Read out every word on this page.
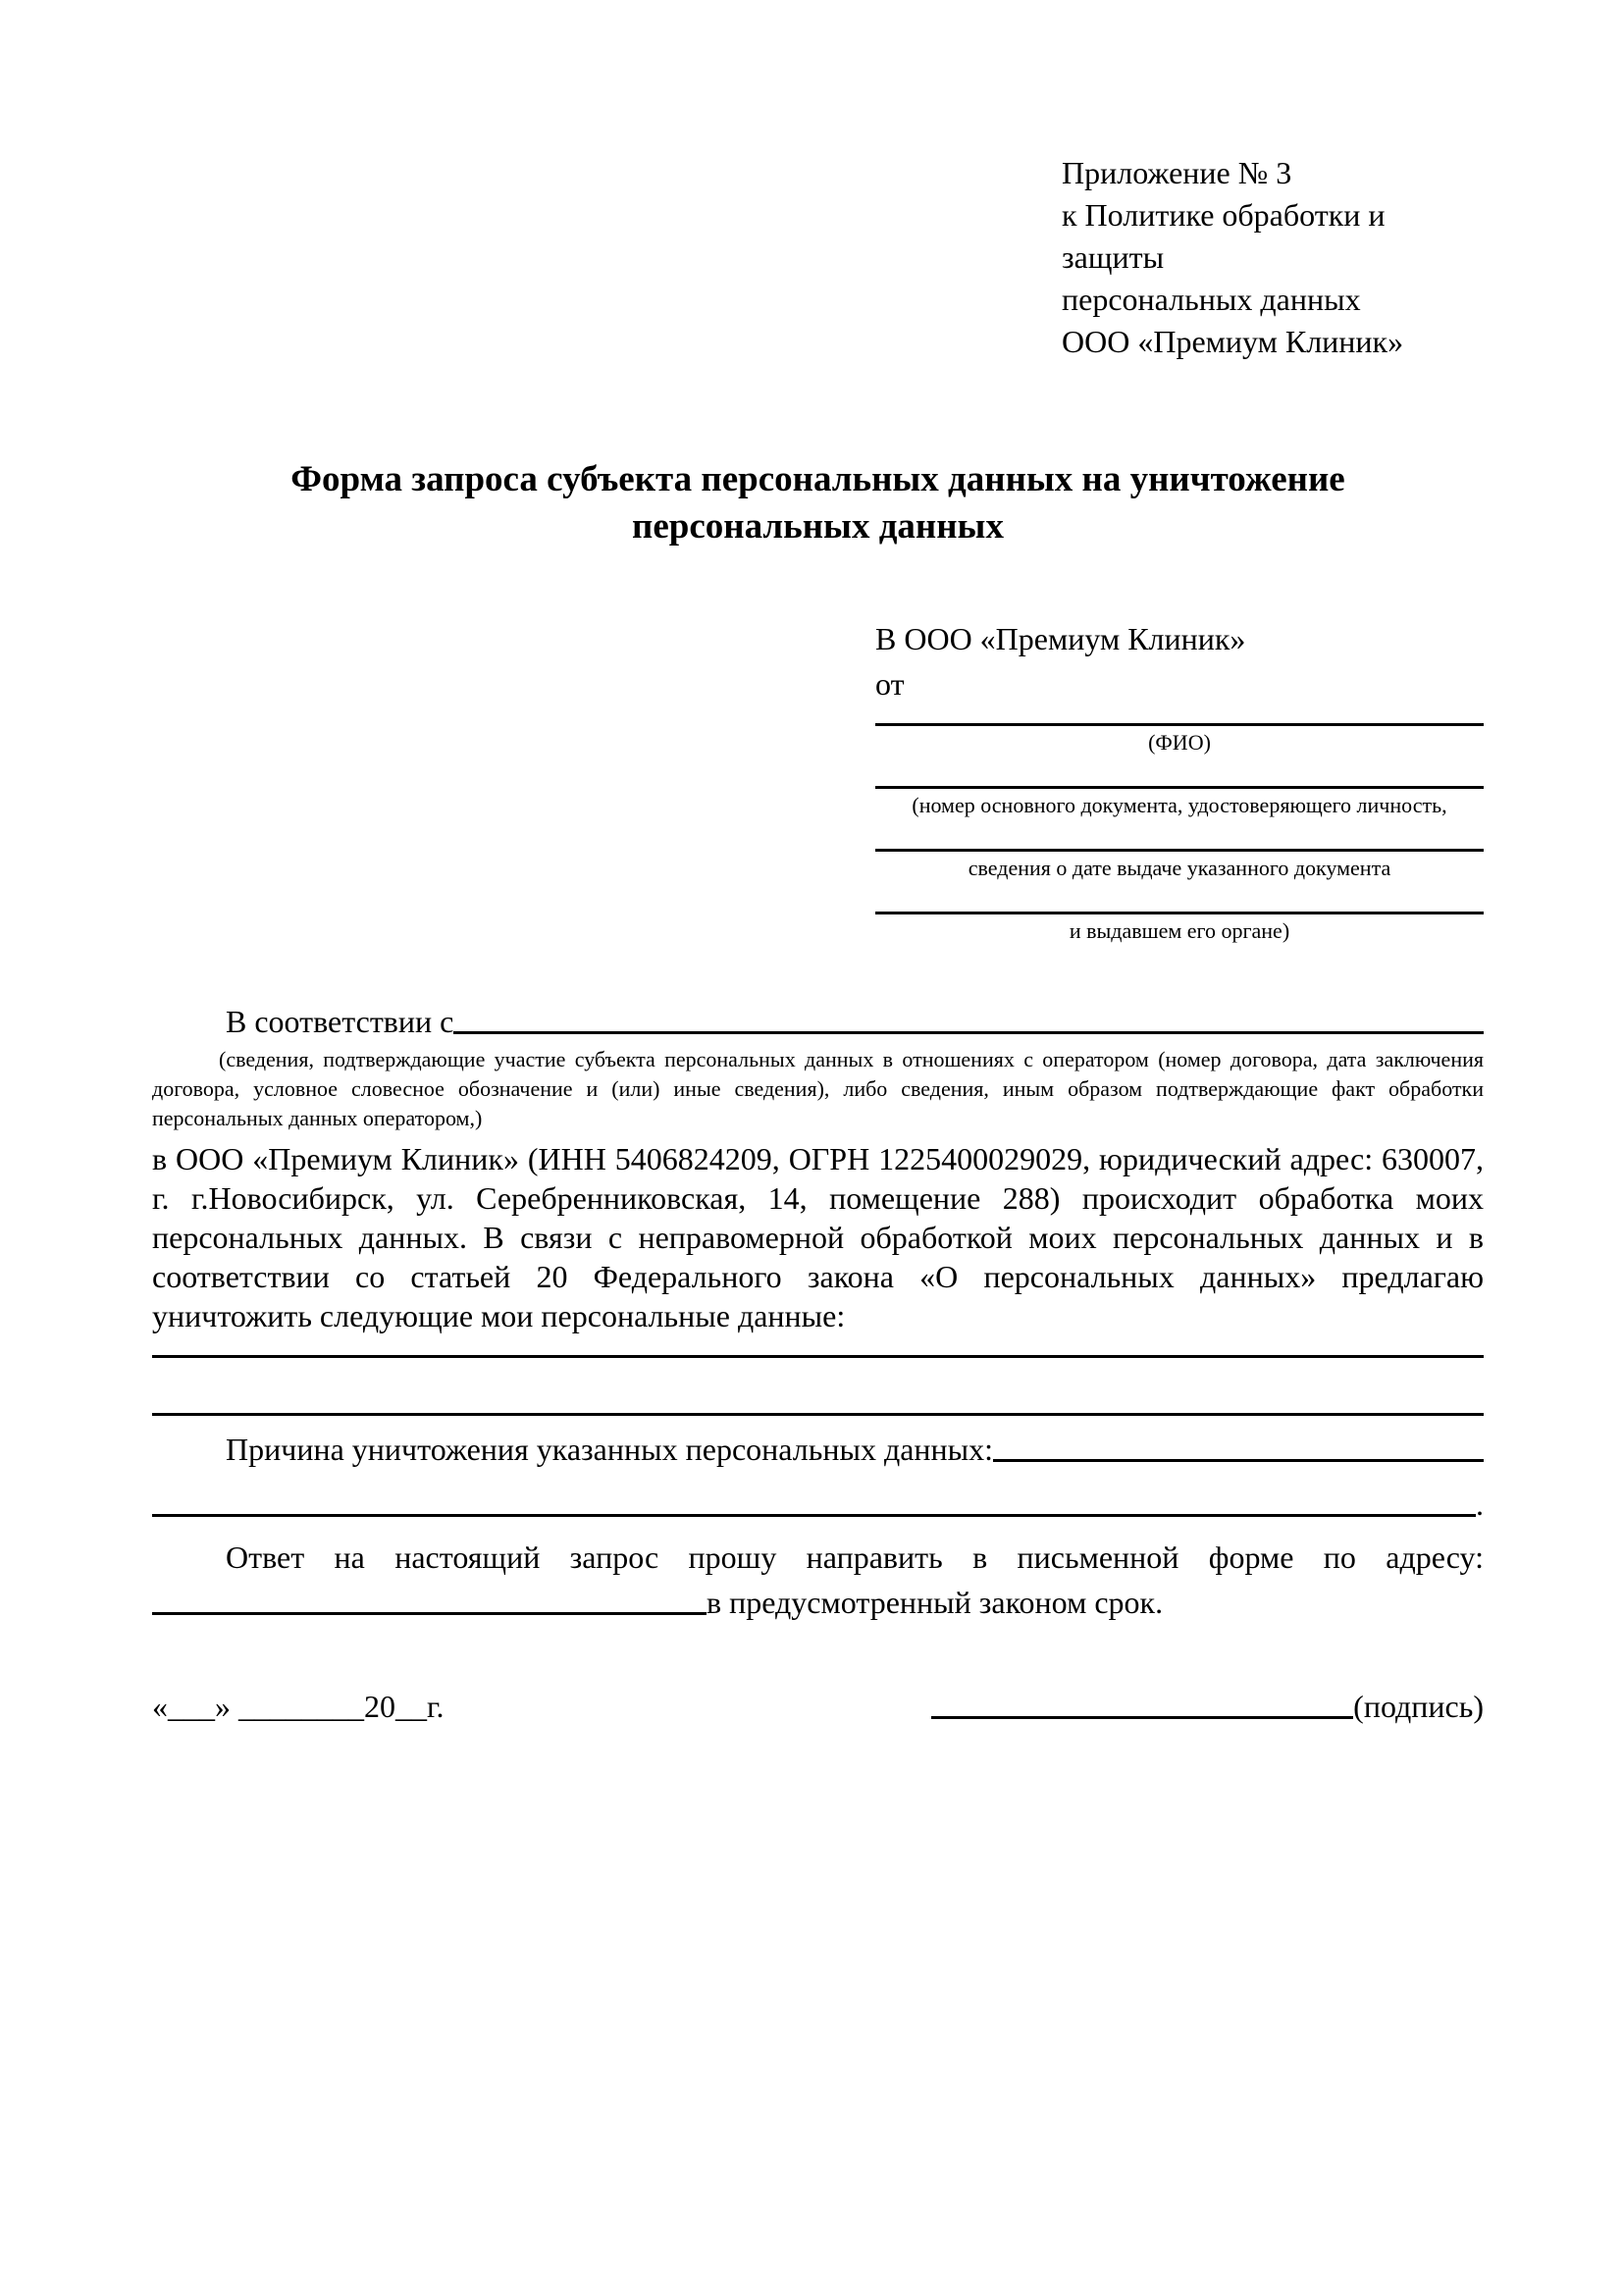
Приложение № 3
к Политике обработки и защиты
персональных данных
ООО «Премиум Клиник»
Форма запроса субъекта персональных данных на уничтожение персональных данных
В ООО «Премиум Клиник»
от
(ФИО)
(номер основного документа, удостоверяющего личность,
сведения о дате выдаче указанного документа
и выдавшем его органе)
В соответствии с

(сведения, подтверждающие участие субъекта персональных данных в отношениях с оператором (номер договора, дата заключения договора, условное словесное обозначение и (или) иные сведения), либо сведения, иным образом подтверждающие факт обработки персональных данных оператором,)

в ООО «Премиум Клиник» (ИНН 5406824209, ОГРН 1225400029029, юридический адрес: 630007, г. г.Новосибирск, ул. Серебренниковская, 14, помещение 288) происходит обработка моих персональных данных. В связи с неправомерной обработкой моих персональных данных и в соответствии со статьей 20 Федерального закона «О персональных данных» предлагаю уничтожить следующие мои персональные данные:

Причина уничтожения указанных персональных данных:
.

Ответ на настоящий запрос прошу направить в письменной форме по адресу:

в предусмотренный законом срок.
«___» ________20__г.	(подпись)
